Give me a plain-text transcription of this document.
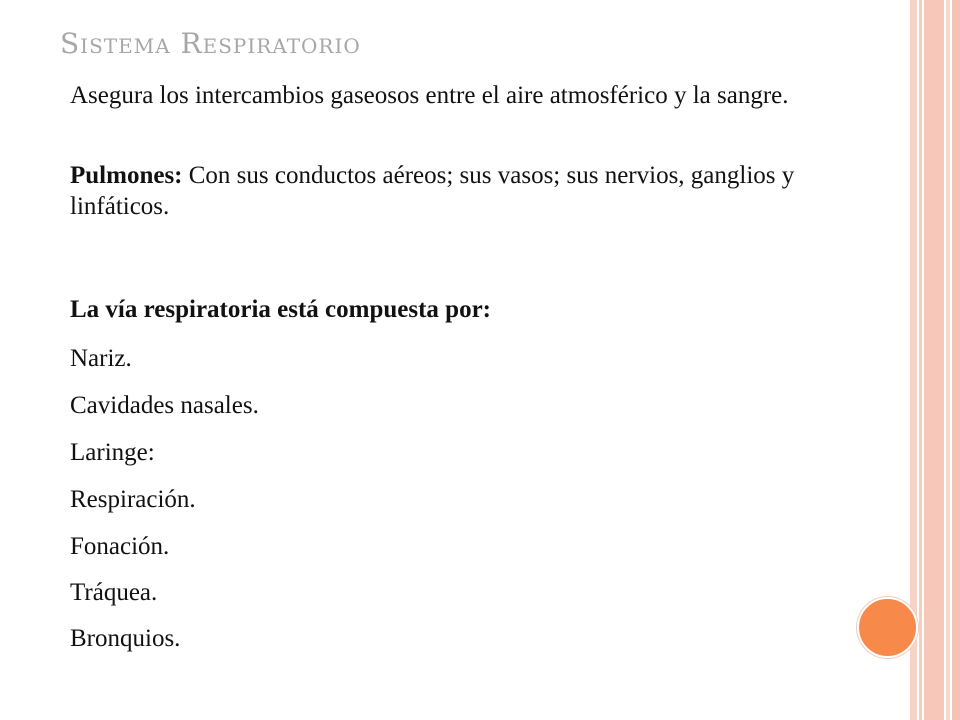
Sistema Respiratorio
Asegura los intercambios gaseosos entre el aire atmosférico y la sangre.
Pulmones: Con sus conductos aéreos; sus vasos; sus nervios, ganglios y linfáticos.
La vía respiratoria está compuesta por:
Nariz.
Cavidades nasales.
Laringe:
Respiración.
Fonación.
Tráquea.
Bronquios.
